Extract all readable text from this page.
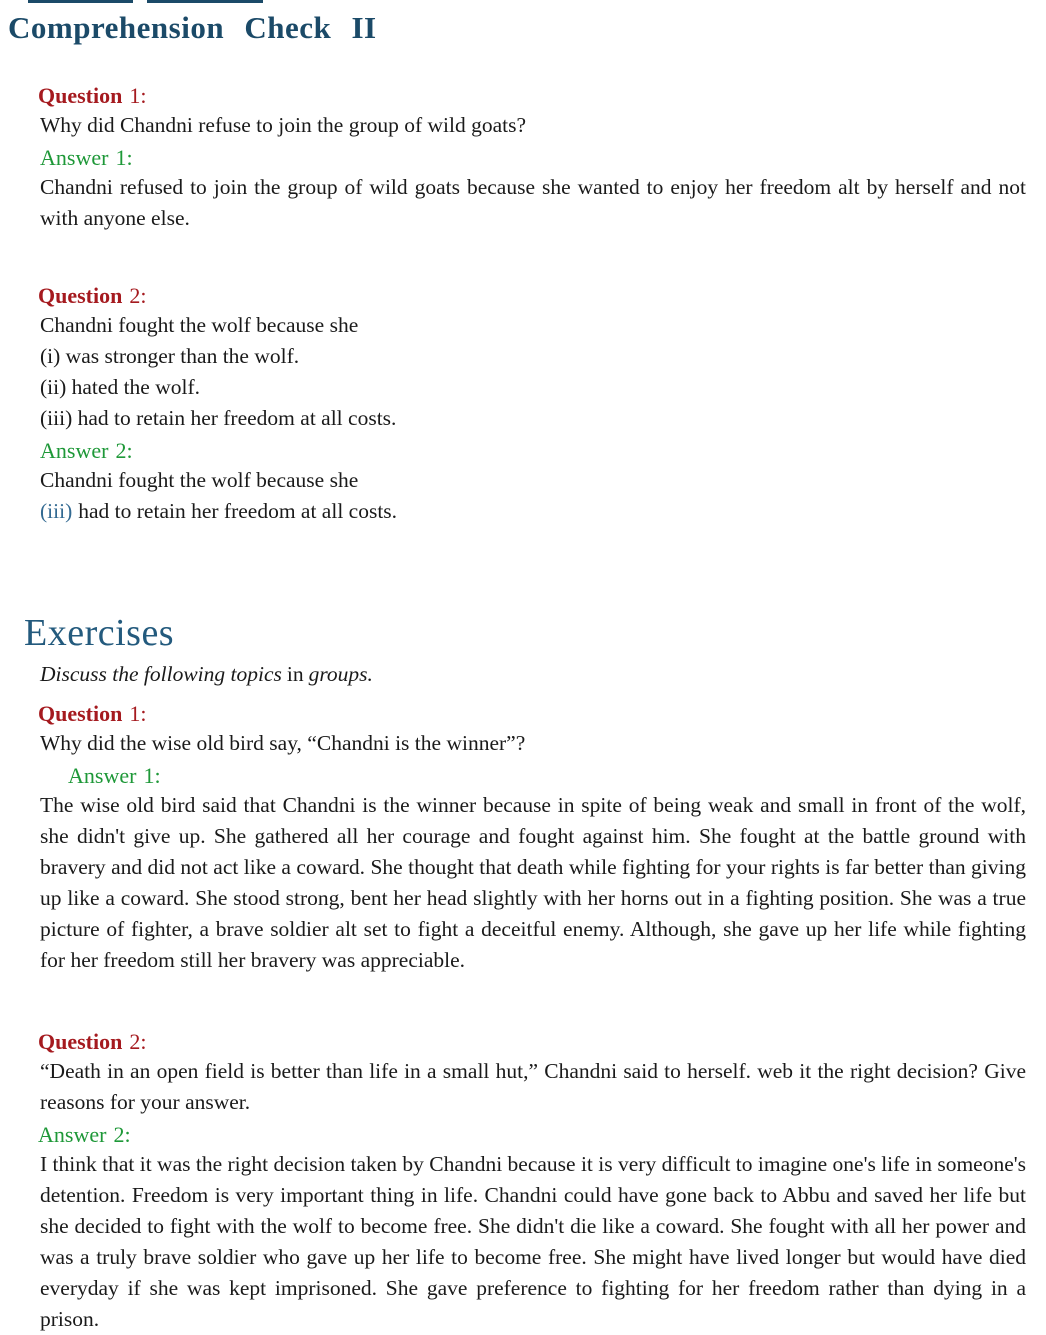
Comprehension Check II
Question 1:
Why did Chandni refuse to join the group of wild goats?
Answer 1:
Chandni refused to join the group of wild goats because she wanted to enjoy her freedom alt by herself and not with anyone else.
Question 2:
Chandni fought the wolf because she
(i) was stronger than the wolf.
(ii) hated the wolf.
(iii) had to retain her freedom at all costs.
Answer 2:
Chandni fought the wolf because she
(iii) had to retain her freedom at all costs.
Exercises
Discuss the following topics in groups.
Question 1:
Why did the wise old bird say, “Chandni is the winner”?
Answer 1:
The wise old bird said that Chandni is the winner because in spite of being weak and small in front of the wolf, she didn't give up. She gathered all her courage and fought against him. She fought at the battle ground with bravery and did not act like a coward. She thought that death while fighting for your rights is far better than giving up like a coward. She stood strong, bent her head slightly with her horns out in a fighting position. She was a true picture of fighter, a brave soldier alt set to fight a deceitful enemy. Although, she gave up her life while fighting for her freedom still her bravery was appreciable.
Question 2:
“Death in an open field is better than life in a small hut,” Chandni said to herself. web it the right decision? Give reasons for your answer.
Answer 2:
I think that it was the right decision taken by Chandni because it is very difficult to imagine one's life in someone's detention. Freedom is very important thing in life. Chandni could have gone back to Abbu and saved her life but she decided to fight with the wolf to become free. She didn't die like a coward. She fought with all her power and was a truly brave soldier who gave up her life to become free. She might have lived longer but would have died everyday if she was kept imprisoned. She gave preference to fighting for her freedom rather than dying in a prison.
